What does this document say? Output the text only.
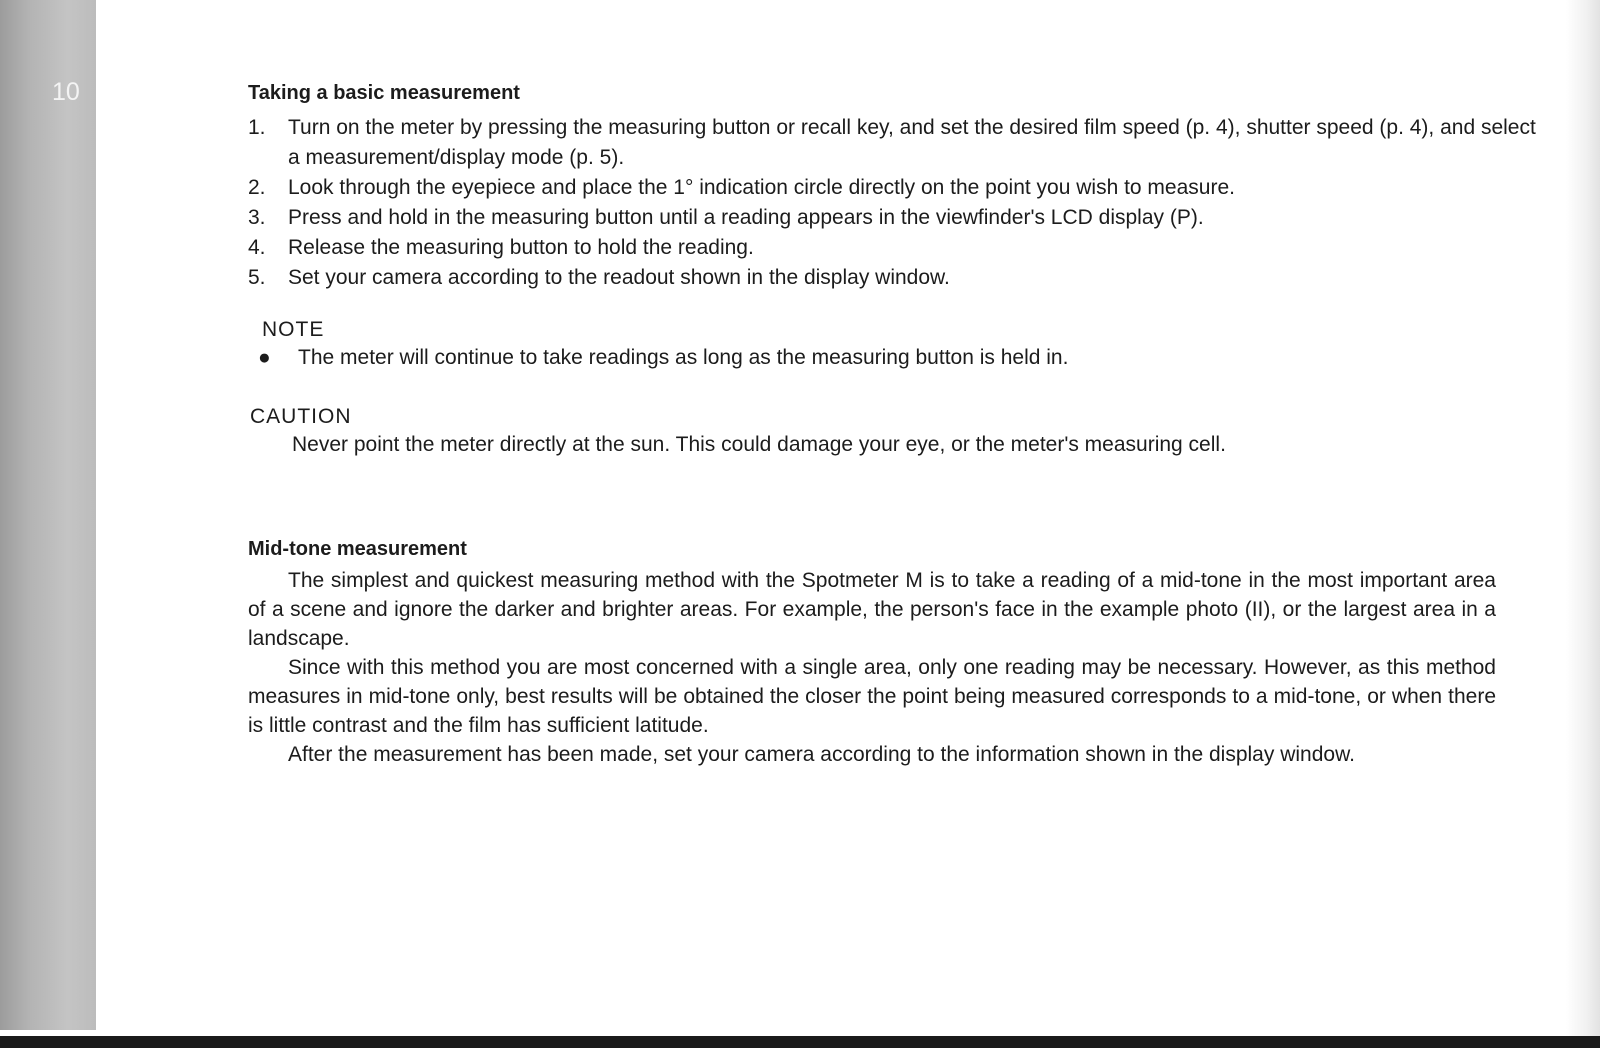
10	Taking a basic measurement
1.	Turn on the meter by pressing the measuring button or recall key, and set the desired film speed (p. 4), shutter speed (p. 4), and select a measurement/display mode (p. 5).
2.	Look through the eyepiece and place the 1° indication circle directly on the point you wish to measure.
3.	Press and hold in the measuring button until a reading appears in the viewfinder's LCD display (P).
4.	Release the measuring button to hold the reading.
5.	Set your camera according to the readout shown in the display window.

NOTE

●	The meter will continue to take readings as long as the measuring button is held in.

CAUTION

Never point the meter directly at the sun. This could damage your eye, or the meter's measuring cell.

Mid-tone measurement

The simplest and quickest measuring method with the Spotmeter M is to take a reading of a mid-tone in the most important area of a scene and ignore the darker and brighter areas. For example, the person's face in the example photo (II), or the largest area in a landscape.

Since with this method you are most concerned with a single area, only one reading may be necessary. However, as this method measures in mid-tone only, best results will be obtained the closer the point being measured corresponds to a mid-tone, or when there is little contrast and the film has sufficient latitude.

After the measurement has been made, set your camera according to the information shown in the display window.
